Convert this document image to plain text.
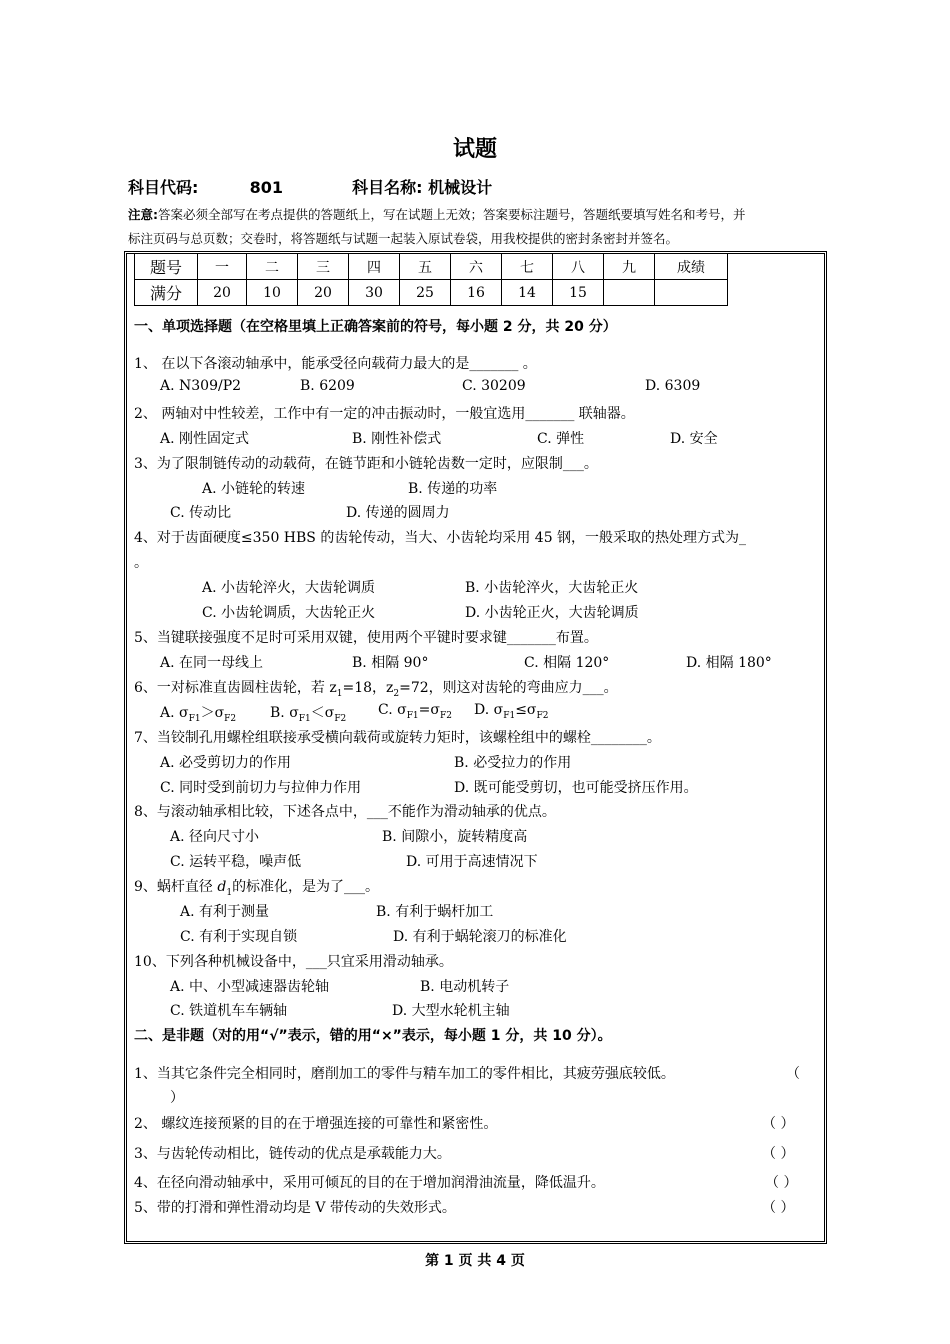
试题
科目代码:	801	科目名称: 机械设计
注意:答案必须全部写在考点提供的答题纸上，写在试题上无效；答案要标注题号，答题纸要填写姓名和考号，并
标注页码与总页数；交卷时，将答题纸与试题一起装入原试卷袋，用我校提供的密封条密封并签名。
题号	一	二	三	四	五	六	七	八	九	成绩
满分	20	10	20	30	25	16	14	15		
一、单项选择题（在空格里填上正确答案前的符号，每小题 2 分，共 20 分）
1、 在以下各滚动轴承中，能承受径向载荷力最大的是_______ 。
A. N309/P2	B. 6209	C. 30209	D. 6309
2、 两轴对中性较差，工作中有一定的冲击振动时，一般宜选用_______ 联轴器。
A. 刚性固定式	B. 刚性补偿式	C. 弹性	D. 安全
3、为了限制链传动的动载荷，在链节距和小链轮齿数一定时，应限制___。
A. 小链轮的转速	B. 传递的功率
C. 传动比	D. 传递的圆周力
4、对于齿面硬度≤350 HBS 的齿轮传动，当大、小齿轮均采用 45 钢，一般采取的热处理方式为_
。
A. 小齿轮淬火，大齿轮调质	B. 小齿轮淬火，大齿轮正火
C. 小齿轮调质，大齿轮正火	D. 小齿轮正火，大齿轮调质
5、当键联接强度不足时可采用双键，使用两个平键时要求键_______布置。
A. 在同一母线上	B. 相隔 90°	C. 相隔 120°	D. 相隔 180°
6、一对标准直齿圆柱齿轮，若 $z_1=18$，$z_2=72$，则这对齿轮的弯曲应力___。
A. $\sigma_{F1}>\sigma_{F2}$ B. $\sigma_{F1}<\sigma_{F2}$
C. $\sigma_{F1}=\sigma_{F2}$ D. $\sigma_{F1}\le\sigma_{F2}$
7、当铰制孔用螺栓组联接承受横向载荷或旋转力矩时，该螺栓组中的螺栓________。
A. 必受剪切力的作用	B. 必受拉力的作用
C. 同时受到前切力与拉伸力作用	D. 既可能受剪切，也可能受挤压作用。
8、与滚动轴承相比较，下述各点中，___不能作为滑动轴承的优点。
A. 径向尺寸小	B. 间隙小，旋转精度高
C. 运转平稳，噪声低	D. 可用于高速情况下
9、蜗杆直径 $d_1$的标准化，是为了___。
A. 有利于测量	B. 有利于蜗杆加工
C. 有利于实现自锁	D. 有利于蜗轮滚刀的标准化
10、下列各种机械设备中，___只宜采用滑动轴承。
A. 中、小型减速器齿轮轴	B. 电动机转子
C. 铁道机车车辆轴	D. 大型水轮机主轴
二、是非题（对的用“√”表示，错的用“×”表示，每小题 1 分，共 10 分）。
1、当其它条件完全相同时，磨削加工的零件与精车加工的零件相比，其疲劳强底较低。	（
）
2、 螺纹连接预紧的目的在于增强连接的可靠性和紧密性。	（ ）
3、与齿轮传动相比，链传动的优点是承载能力大。	（ ）
4、在径向滑动轴承中，采用可倾瓦的目的在于增加润滑油流量，降低温升。	（ ）
5、带的打滑和弹性滑动均是 V 带传动的失效形式。	（ ）
第 1 页 共 4 页
